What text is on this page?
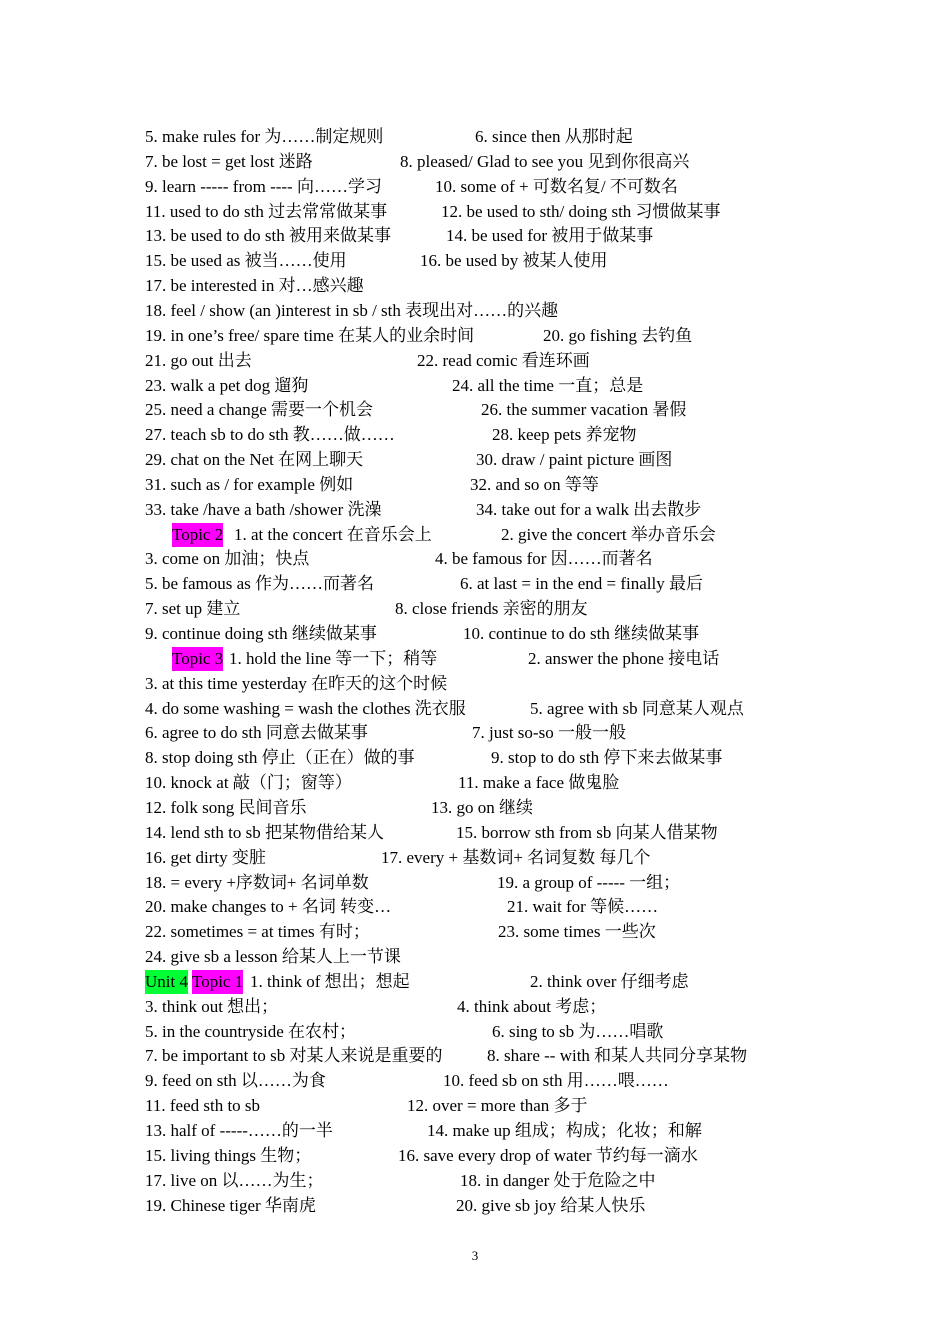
5. make rules for 为……制定规则	6. since then 从那时起
7. be lost = get lost 迷路	8. pleased/ Glad to see you 见到你很高兴
9. learn ----- from ---- 向……学习	10. some of + 可数名复/ 不可数名
11. used to do sth 过去常常做某事	12. be used to sth/ doing sth 习惯做某事
13. be used to do sth 被用来做某事	14. be used for 被用于做某事
15. be used as 被当……使用	16. be used by 被某人使用
17. be interested in 对…感兴趣
18. feel / show (an )interest in sb / sth 表现出对……的兴趣
19. in one’s free/ spare time 在某人的业余时间	20. go fishing 去钓鱼
21. go out 出去	22. read comic 看连环画
23. walk a pet dog 遛狗	24. all the time 一直；总是
25. need a change 需要一个机会	26. the summer vacation 暑假
27. teach sb to do sth 教……做……	28. keep pets 养宠物
29. chat on the Net 在网上聊天	30. draw / paint picture 画图
31. such as / for example 例如	32. and so on 等等
33. take /have a bath /shower 洗澡	34. take out for a walk 出去散步
Topic 2 1. at the concert 在音乐会上	2. give the concert 举办音乐会
3. come on 加油；快点	4. be famous for 因……而著名
5. be famous as 作为……而著名	6. at last = in the end = finally 最后
7. set up 建立	8. close friends 亲密的朋友
9. continue doing sth 继续做某事	10. continue to do sth 继续做某事
Topic 3 1. hold the line 等一下；稍等	2. answer the phone 接电话
3. at this time yesterday 在昨天的这个时候
4. do some washing = wash the clothes 洗衣服	5. agree with sb 同意某人观点
6. agree to do sth 同意去做某事	7. just so-so 一般一般
8. stop doing sth 停止（正在）做的事	9. stop to do sth 停下来去做某事
10. knock at 敲（门；窗等）	11. make a face 做鬼脸
12. folk song 民间音乐	13. go on 继续
14. lend sth to sb 把某物借给某人	15. borrow sth from sb 向某人借某物
16. get dirty 变脏	17. every + 基数词+ 名词复数 每几个
18. = every +序数词+ 名词单数	19. a group of ----- 一组；
20. make changes to + 名词 转变…	21. wait for 等候……
22. sometimes = at times 有时；	23. some times 一些次
24. give sb a lesson 给某人上一节课
Unit 4 Topic 1 1. think of 想出；想起	2. think over 仔细考虑
3. think out 想出；	4. think about 考虑；
5. in the countryside 在农村；	6. sing to sb 为……唱歌
7. be important to sb 对某人来说是重要的	8. share -- with 和某人共同分享某物
9. feed on sth 以……为食	10. feed sb on sth 用……喂……
11. feed sth to sb	12. over = more than 多于
13. half of -----……的一半	14. make up 组成；构成；化妆；和解
15. living things 生物；	16. save every drop of water 节约每一滴水
17. live on 以……为生；	18. in danger 处于危险之中
19. Chinese tiger 华南虎	20. give sb joy 给某人快乐
3
